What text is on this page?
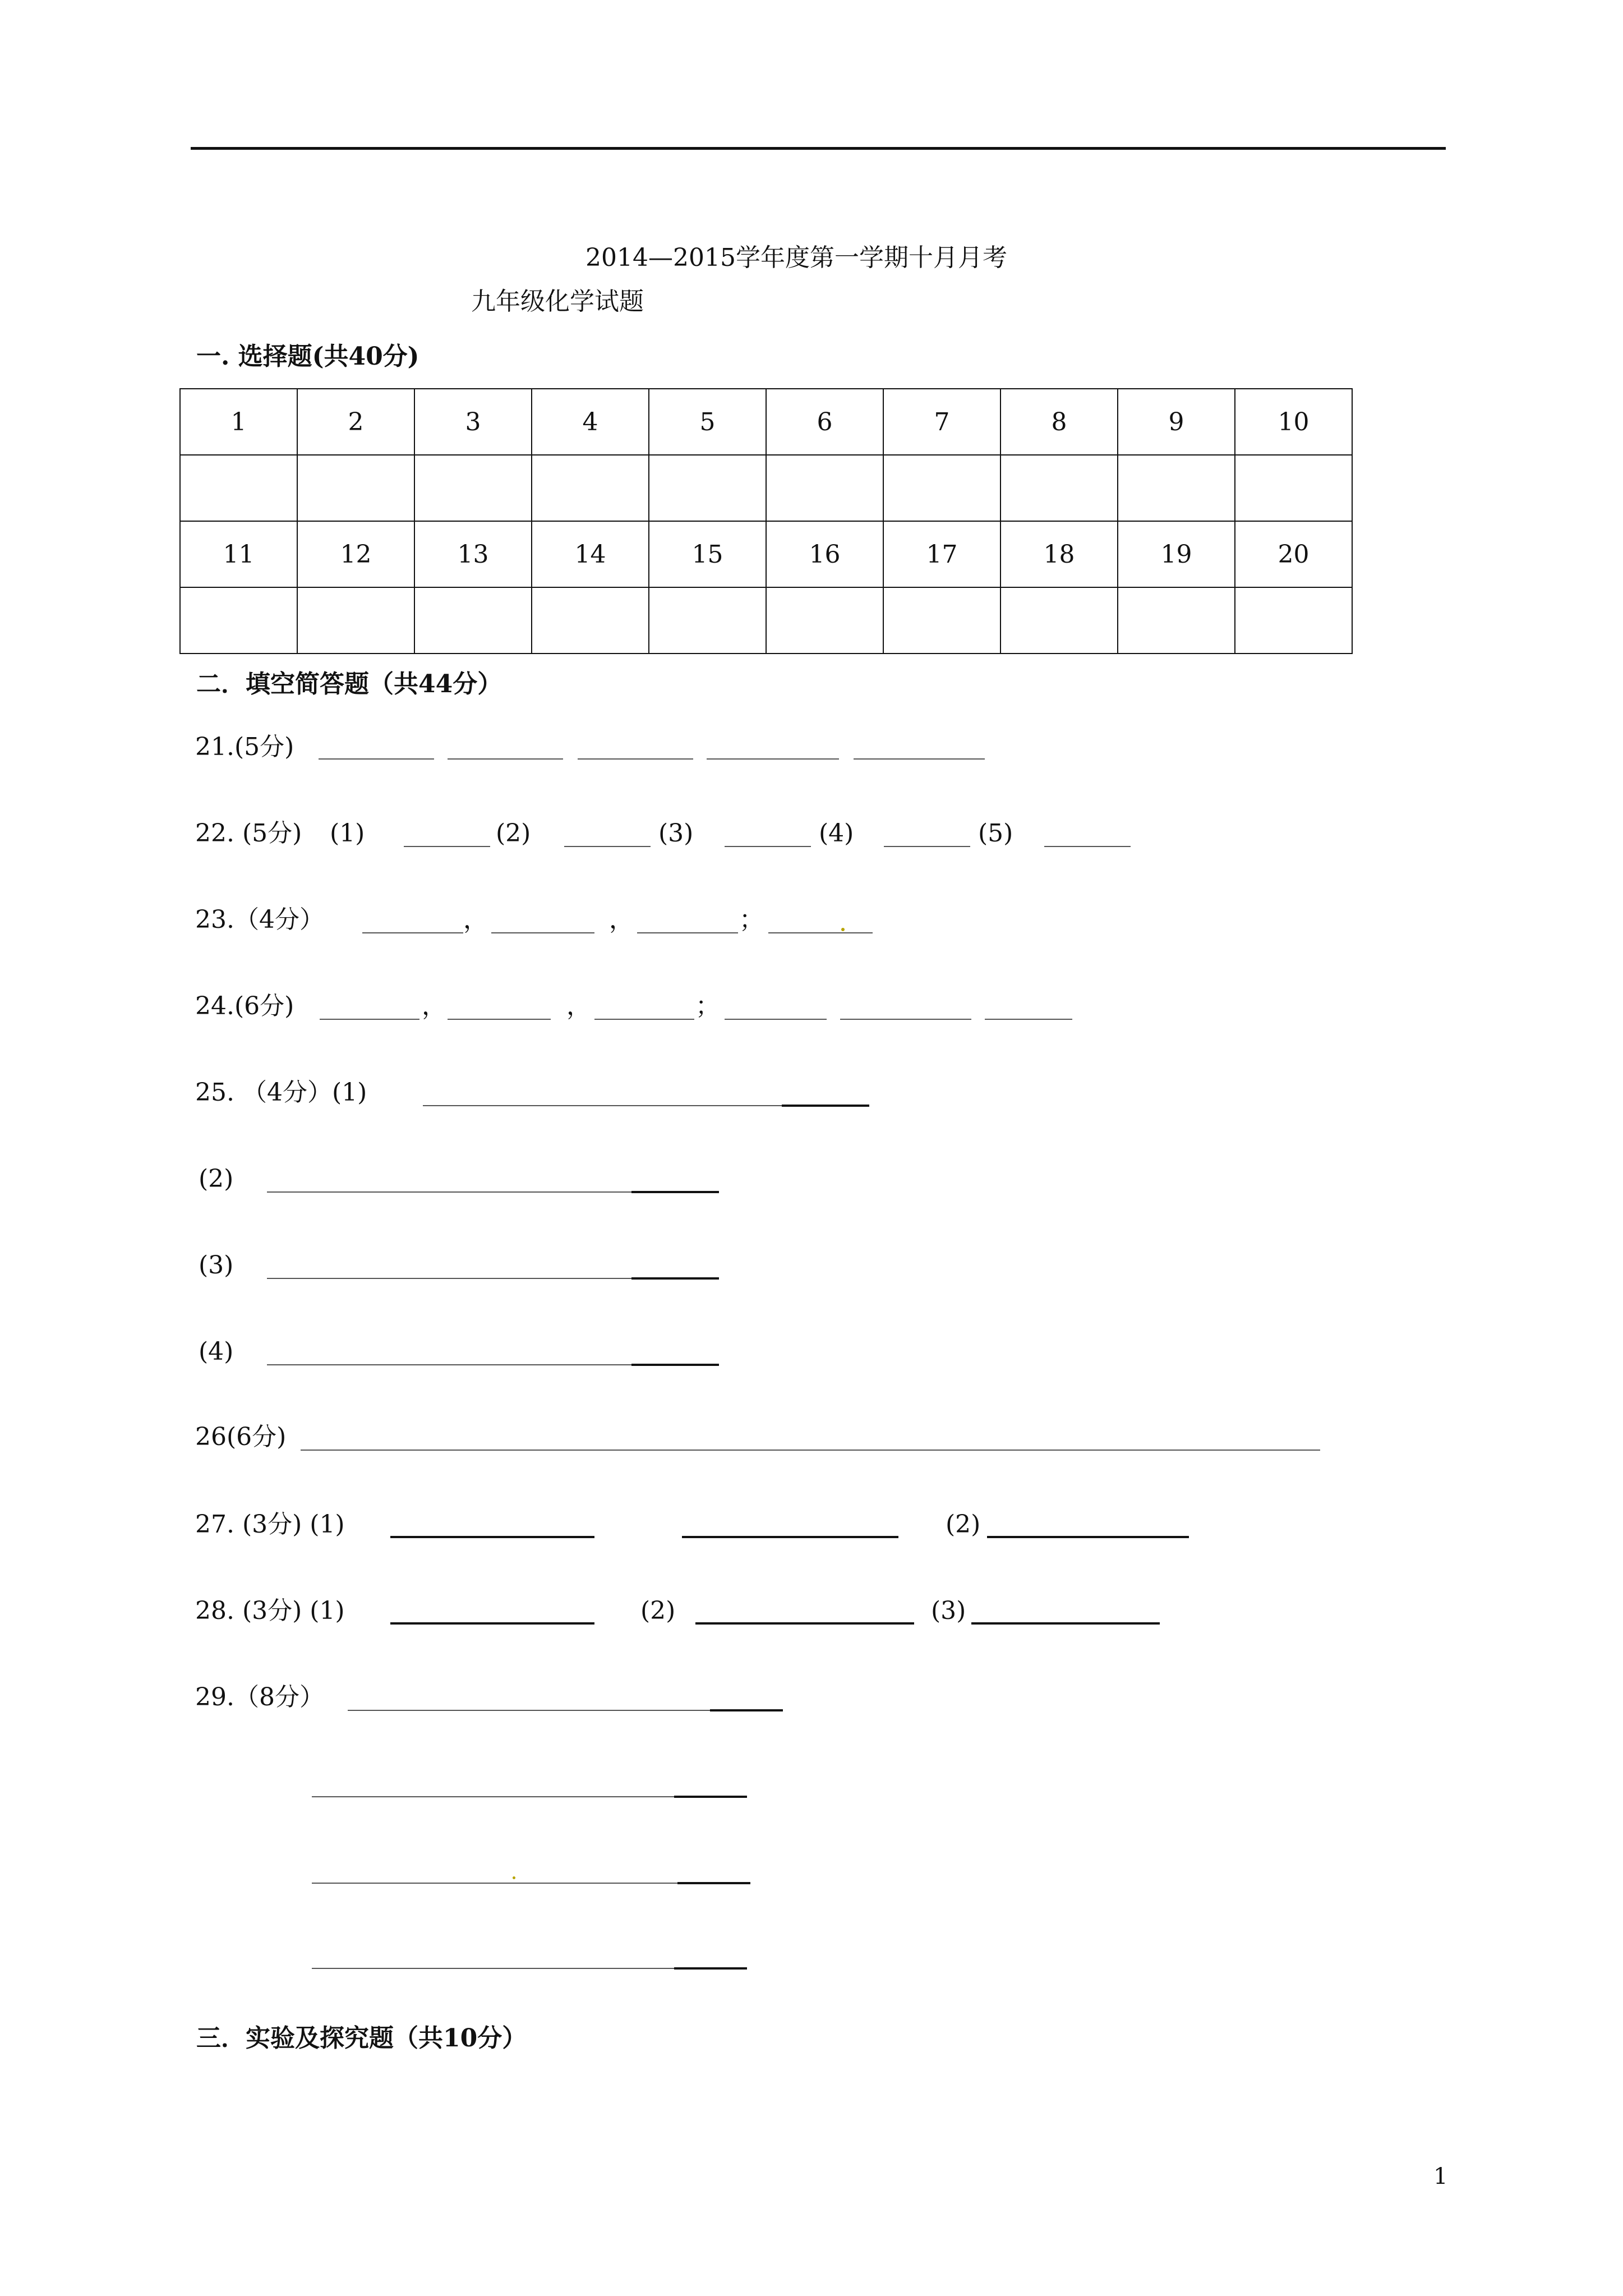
2014—2015学年度第一学期十月月考
九年级化学试题
一. 选择题(共40分)
1	2	3	4	5	6	7	8	9	10

11	12	13	14	15	16	17	18	19	20

二．填空简答题（共44分）
21.(5分)
22. (5分) (1)	(2)	(3)	(4)	(5)
23.（4分）	，	，	；
24.(6分)	，	，	；
25. （4分）(1)
(2)
(3)
(4)
26(6分)
27. (3分) (1)	(2)
28. (3分) (1)	(2)	(3)
29.（8分）
三．实验及探究题（共10分）
1
